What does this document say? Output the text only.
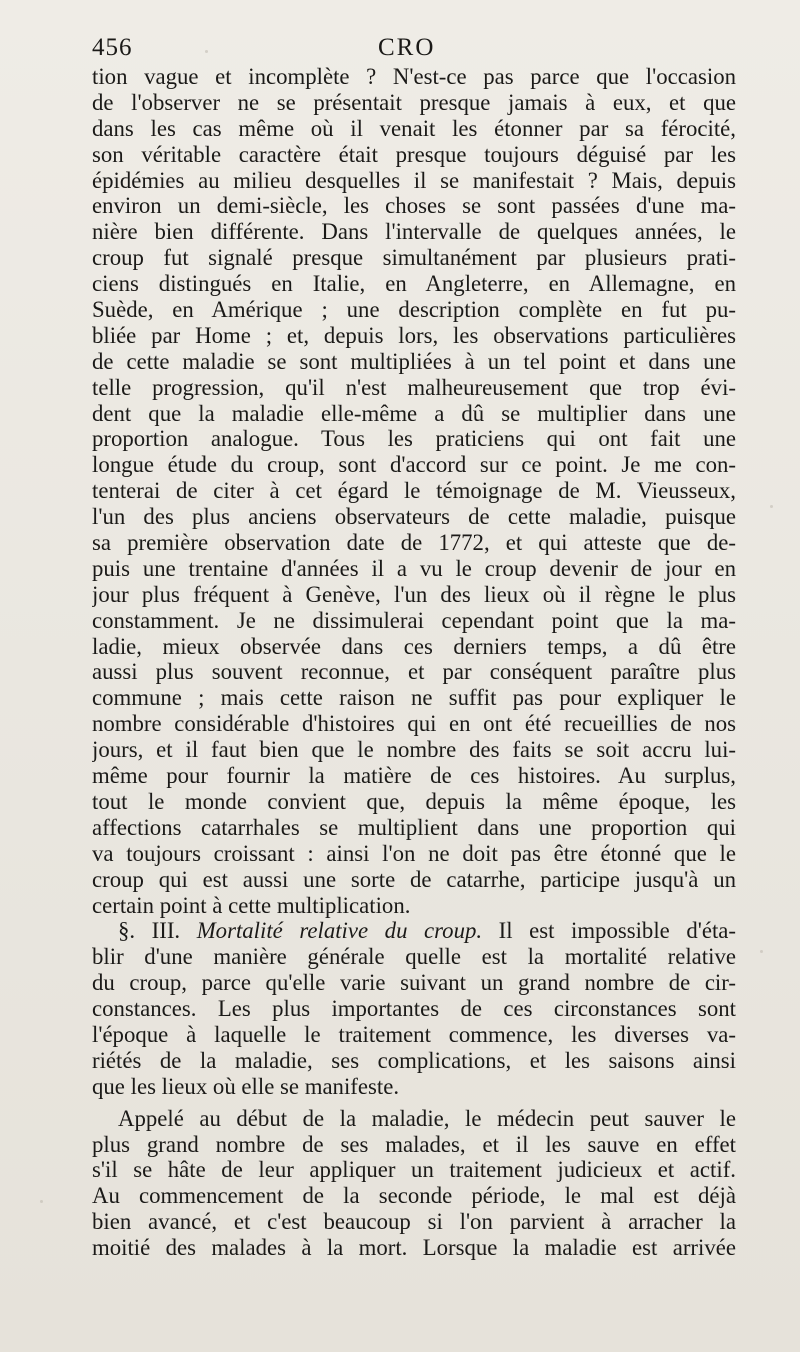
456	CRO
tion vague et incomplète ? N'est-ce pas parce que l'occasion
de l'observer ne se présentait presque jamais à eux, et que
dans les cas même où il venait les étonner par sa férocité,
son véritable caractère était presque toujours déguisé par les
épidémies au milieu desquelles il se manifestait ? Mais, depuis
environ un demi-siècle, les choses se sont passées d'une ma-
nière bien différente. Dans l'intervalle de quelques années, le
croup fut signalé presque simultanément par plusieurs prati-
ciens distingués en Italie, en Angleterre, en Allemagne, en
Suède, en Amérique ; une description complète en fut pu-
bliée par Home ; et, depuis lors, les observations particulières
de cette maladie se sont multipliées à un tel point et dans une
telle progression, qu'il n'est malheureusement que trop évi-
dent que la maladie elle-même a dû se multiplier dans une
proportion analogue. Tous les praticiens qui ont fait une
longue étude du croup, sont d'accord sur ce point. Je me con-
tenterai de citer à cet égard le témoignage de M. Vieusseux,
l'un des plus anciens observateurs de cette maladie, puisque
sa première observation date de 1772, et qui atteste que de-
puis une trentaine d'années il a vu le croup devenir de jour en
jour plus fréquent à Genève, l'un des lieux où il règne le plus
constamment. Je ne dissimulerai cependant point que la ma-
ladie, mieux observée dans ces derniers temps, a dû être
aussi plus souvent reconnue, et par conséquent paraître plus
commune ; mais cette raison ne suffit pas pour expliquer le
nombre considérable d'histoires qui en ont été recueillies de nos
jours, et il faut bien que le nombre des faits se soit accru lui-
même pour fournir la matière de ces histoires. Au surplus,
tout le monde convient que, depuis la même époque, les
affections catarrhales se multiplient dans une proportion qui
va toujours croissant : ainsi l'on ne doit pas être étonné que le
croup qui est aussi une sorte de catarrhe, participe jusqu'à un
certain point à cette multiplication.
§. III. Mortalité relative du croup. Il est impossible d'éta-
blir d'une manière générale quelle est la mortalité relative
du croup, parce qu'elle varie suivant un grand nombre de cir-
constances. Les plus importantes de ces circonstances sont
l'époque à laquelle le traitement commence, les diverses va-
riétés de la maladie, ses complications, et les saisons ainsi
que les lieux où elle se manifeste.
Appelé au début de la maladie, le médecin peut sauver le
plus grand nombre de ses malades, et il les sauve en effet
s'il se hâte de leur appliquer un traitement judicieux et actif.
Au commencement de la seconde période, le mal est déjà
bien avancé, et c'est beaucoup si l'on parvient à arracher la
moitié des malades à la mort. Lorsque la maladie est arrivée
